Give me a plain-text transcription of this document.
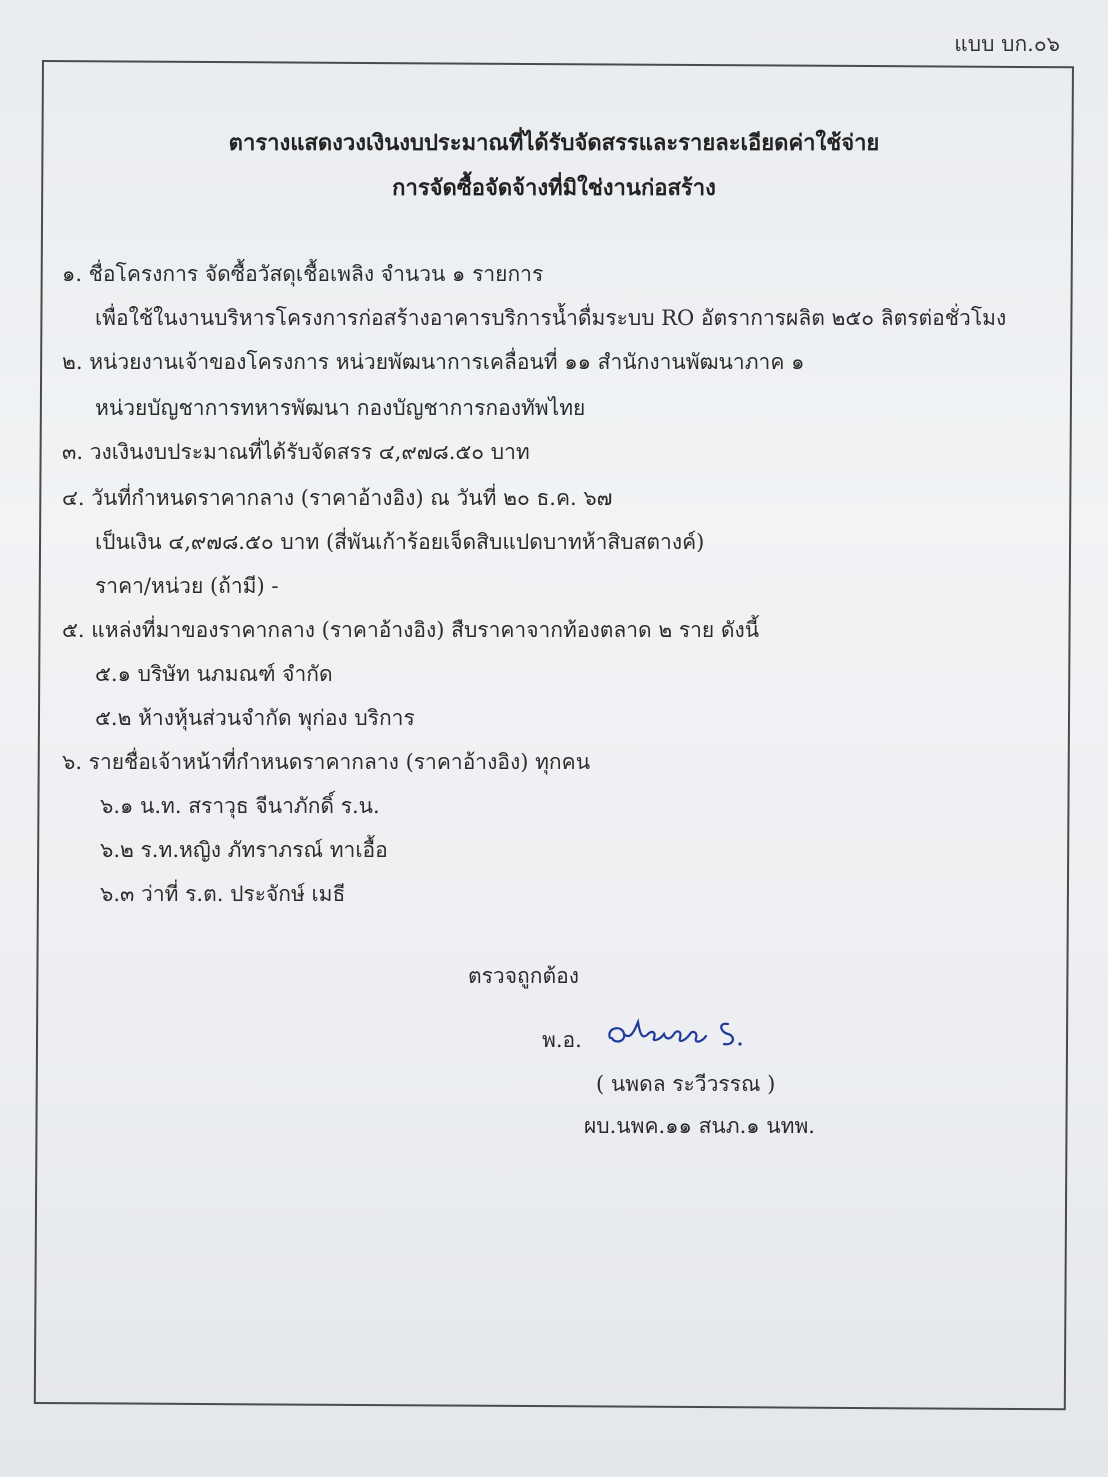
แบบ บก.๐๖
ตารางแสดงวงเงินงบประมาณที่ได้รับจัดสรรและรายละเอียดค่าใช้จ่าย
การจัดซื้อจัดจ้างที่มิใช่งานก่อสร้าง
๑. ชื่อโครงการ จัดซื้อวัสดุเชื้อเพลิง จำนวน ๑ รายการ
เพื่อใช้ในงานบริหารโครงการก่อสร้างอาคารบริการน้ำดื่มระบบ RO อัตราการผลิต ๒๕๐ ลิตรต่อชั่วโมง
๒. หน่วยงานเจ้าของโครงการ หน่วยพัฒนาการเคลื่อนที่ ๑๑ สำนักงานพัฒนาภาค ๑
หน่วยบัญชาการทหารพัฒนา กองบัญชาการกองทัพไทย
๓. วงเงินงบประมาณที่ได้รับจัดสรร ๔,๙๗๘.๕๐ บาท
๔. วันที่กำหนดราคากลาง (ราคาอ้างอิง) ณ วันที่ ๒๐ ธ.ค. ๖๗
เป็นเงิน ๔,๙๗๘.๕๐ บาท (สี่พันเก้าร้อยเจ็ดสิบแปดบาทห้าสิบสตางค์)
ราคา/หน่วย (ถ้ามี) -
๕. แหล่งที่มาของราคากลาง (ราคาอ้างอิง) สืบราคาจากท้องตลาด ๒ ราย ดังนี้
๕.๑ บริษัท นภมณฑ์ จำกัด
๕.๒ ห้างหุ้นส่วนจำกัด พุก่อง บริการ
๖. รายชื่อเจ้าหน้าที่กำหนดราคากลาง (ราคาอ้างอิง) ทุกคน
๖.๑ น.ท. สราวุธ จีนาภักดิ์ ร.น.
๖.๒ ร.ท.หญิง ภัทราภรณ์ ทาเอื้อ
๖.๓ ว่าที่ ร.ต. ประจักษ์ เมธี
ตรวจถูกต้อง
พ.อ.
( นพดล ระวีวรรณ )
ผบ.นพค.๑๑ สนภ.๑ นทพ.
